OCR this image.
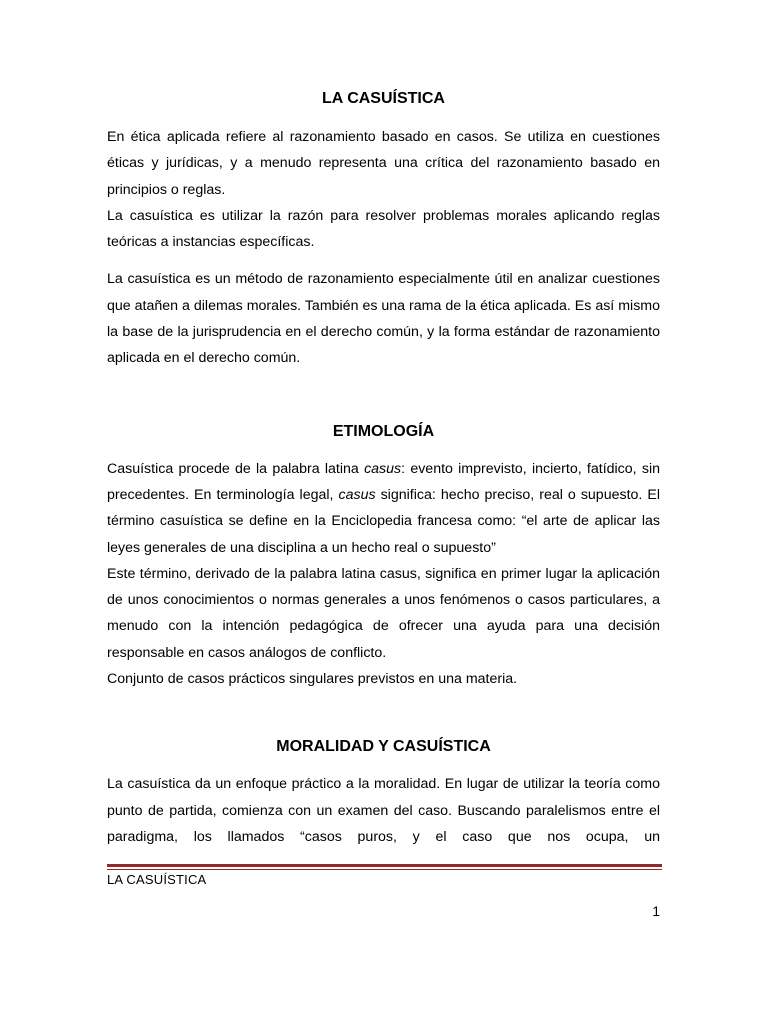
LA CASUÍSTICA

En ética aplicada refiere al razonamiento basado en casos. Se utiliza en cuestiones éticas y jurídicas, y a menudo representa una crítica del razonamiento basado en principios o reglas.

La casuística es utilizar la razón para resolver problemas morales aplicando reglas teóricas a instancias específicas.

La casuística es un método de razonamiento especialmente útil en analizar cuestiones que atañen a dilemas morales. También es una rama de la ética aplicada. Es así mismo la base de la jurisprudencia en el derecho común, y la forma estándar de razonamiento aplicada en el derecho común.

ETIMOLOGÍA

Casuística procede de la palabra latina casus: evento imprevisto, incierto, fatídico, sin precedentes. En terminología legal, casus significa: hecho preciso, real o supuesto. El término casuística se define en la Enciclopedia francesa como: “el arte de aplicar las leyes generales de una disciplina a un hecho real o supuesto”

Este término, derivado de la palabra latina casus, significa en primer lugar la aplicación de unos conocimientos o normas generales a unos fenómenos o casos particulares, a menudo con la intención pedagógica de ofrecer una ayuda para una decisión responsable en casos análogos de conflicto.

Conjunto de casos prácticos singulares previstos en una materia.

MORALIDAD Y CASUÍSTICA

La casuística da un enfoque práctico a la moralidad. En lugar de utilizar la teoría como punto de partida, comienza con un examen del caso. Buscando paralelismos entre el paradigma, los llamados “casos puros, y el caso que nos ocupa, un

LA CASUÍSTICA
1
